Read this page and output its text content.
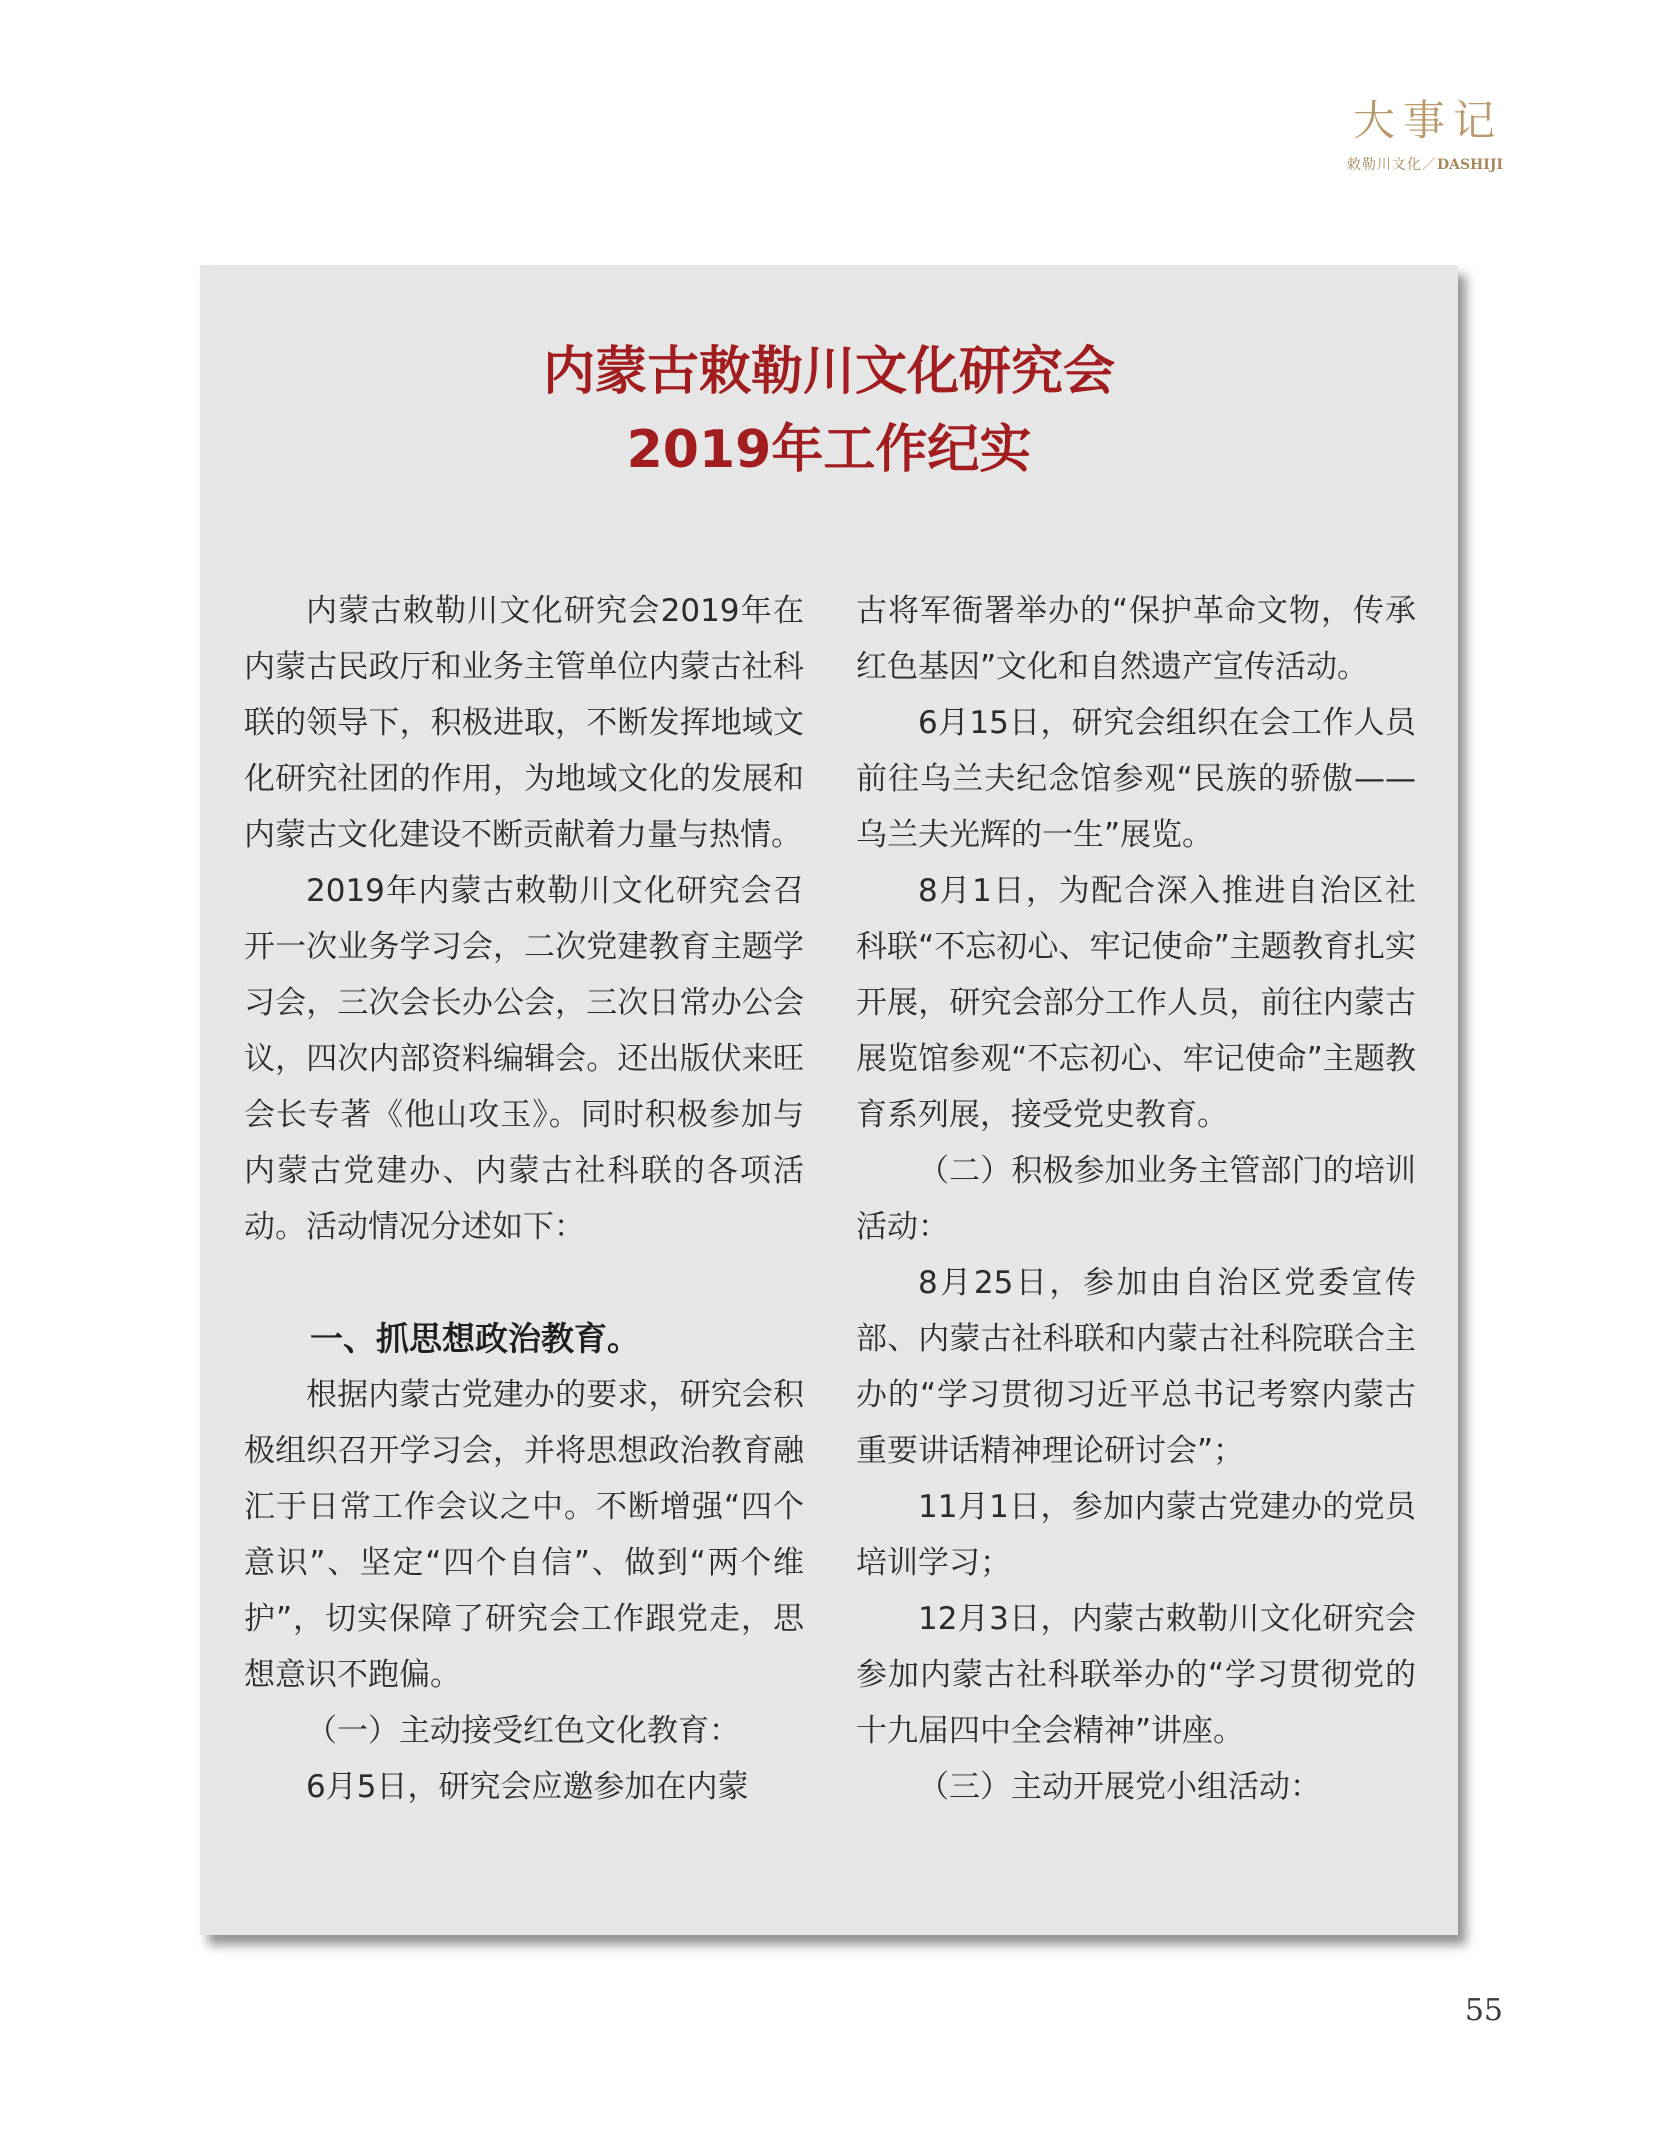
大事记
敕勒川文化／DASHIJI
内蒙古敕勒川文化研究会
2019年工作纪实

内蒙古敕勒川文化研究会2019年在内蒙古民政厅和业务主管单位内蒙古社科联的领导下，积极进取，不断发挥地域文化研究社团的作用，为地域文化的发展和内蒙古文化建设不断贡献着力量与热情。

2019年内蒙古敕勒川文化研究会召开一次业务学习会，二次党建教育主题学习会，三次会长办公会，三次日常办公会议，四次内部资料编辑会。还出版伏来旺会长专著《他山攻玉》。同时积极参加与内蒙古党建办、内蒙古社科联的各项活动。活动情况分述如下：

一、抓思想政治教育。

根据内蒙古党建办的要求，研究会积极组织召开学习会，并将思想政治教育融汇于日常工作会议之中。不断增强“四个意识”、坚定“四个自信”、做到“两个维护”，切实保障了研究会工作跟党走，思想意识不跑偏。

（一）主动接受红色文化教育：

6月5日，研究会应邀参加在内蒙

古将军衙署举办的“保护革命文物，传承红色基因”文化和自然遗产宣传活动。

6月15日，研究会组织在会工作人员前往乌兰夫纪念馆参观“民族的骄傲——乌兰夫光辉的一生”展览。

8月1日，为配合深入推进自治区社科联“不忘初心、牢记使命”主题教育扎实开展，研究会部分工作人员，前往内蒙古展览馆参观“不忘初心、牢记使命”主题教育系列展，接受党史教育。

（二）积极参加业务主管部门的培训活动：

8月25日，参加由自治区党委宣传部、内蒙古社科联和内蒙古社科院联合主办的“学习贯彻习近平总书记考察内蒙古重要讲话精神理论研讨会”；

11月1日，参加内蒙古党建办的党员培训学习；

12月3日，内蒙古敕勒川文化研究会参加内蒙古社科联举办的“学习贯彻党的十九届四中全会精神”讲座。

（三）主动开展党小组活动：

55
